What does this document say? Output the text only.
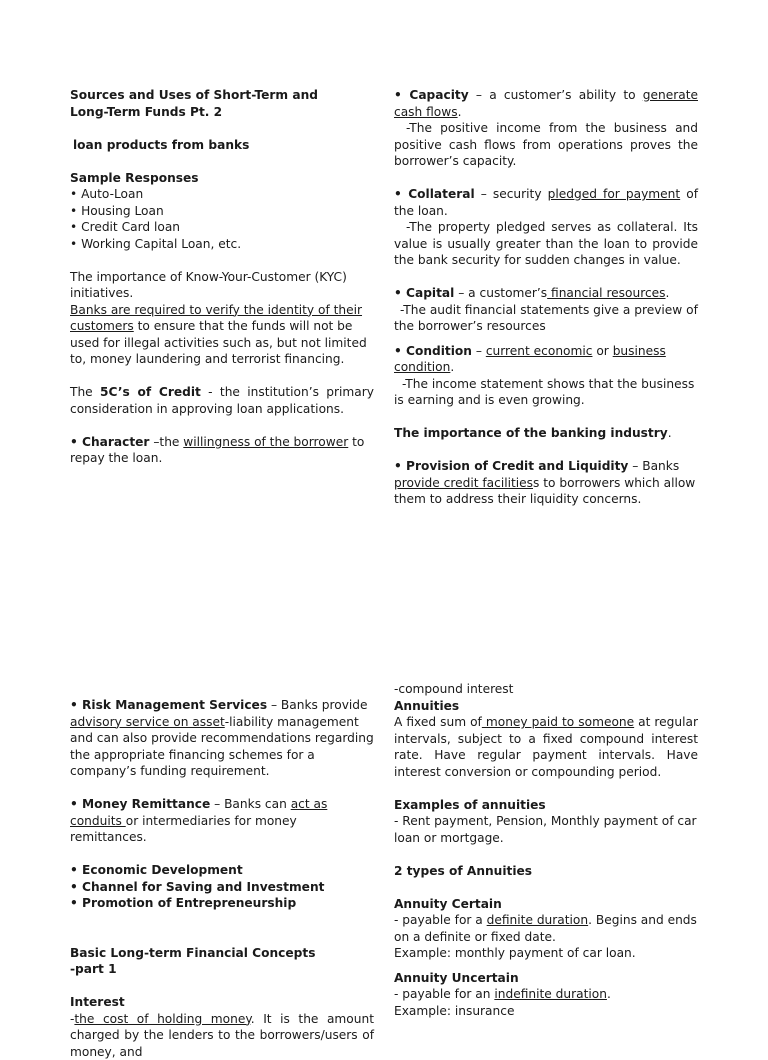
Sources and Uses of Short-Term and

Long-Term Funds Pt. 2

loan products from banks

Sample Responses

• Auto-Loan

• Housing Loan

• Credit Card loan

• Working Capital Loan, etc.

The importance of Know-Your-Customer (KYC) initiatives.

Banks are required to verify the identity of their customers to ensure that the funds will not be used for illegal activities such as, but not limited to, money laundering and terrorist financing.

The 5C’s of Credit - the institution’s primary consideration in approving loan applications.

• Character –the willingness of the borrower to repay the loan.

• Capacity – a customer’s ability to generate cash flows.

-The positive income from the business and positive cash flows from operations proves the borrower’s capacity.

• Collateral – security pledged for payment of the loan.

-The property pledged serves as collateral. Its value is usually greater than the loan to provide the bank security for sudden changes in value.

• Capital – a customer’s financial resources.

-The audit financial statements give a preview of the borrower’s resources

• Condition – current economic or business condition.

-The income statement shows that the business is earning and is even growing.

The importance of the banking industry.

• Provision of Credit and Liquidity – Banks provide credit facilitiess to borrowers which allow them to address their liquidity concerns.

• Risk Management Services – Banks provide advisory service on asset-liability management and can also provide recommendations regarding

the appropriate financing schemes for a company’s funding requirement.

• Money Remittance – Banks can act as conduits or intermediaries for money remittances.

• Economic Development

• Channel for Saving and Investment

• Promotion of Entrepreneurship

Basic Long-term Financial Concepts

-part 1

Interest

-the cost of holding money. It is the amount charged by the lenders to the borrowers/users of money, and

-compound interest

Annuities

A fixed sum of money paid to someone at regular intervals, subject to a fixed compound interest rate. Have regular payment intervals. Have interest conversion or compounding period.

Examples of annuities

- Rent payment, Pension, Monthly payment of car loan or mortgage.

2 types of Annuities

Annuity Certain

- payable for a definite duration. Begins and ends on a definite or fixed date.

Example: monthly payment of car loan.

Annuity Uncertain

- payable for an indefinite duration.

Example: insurance
